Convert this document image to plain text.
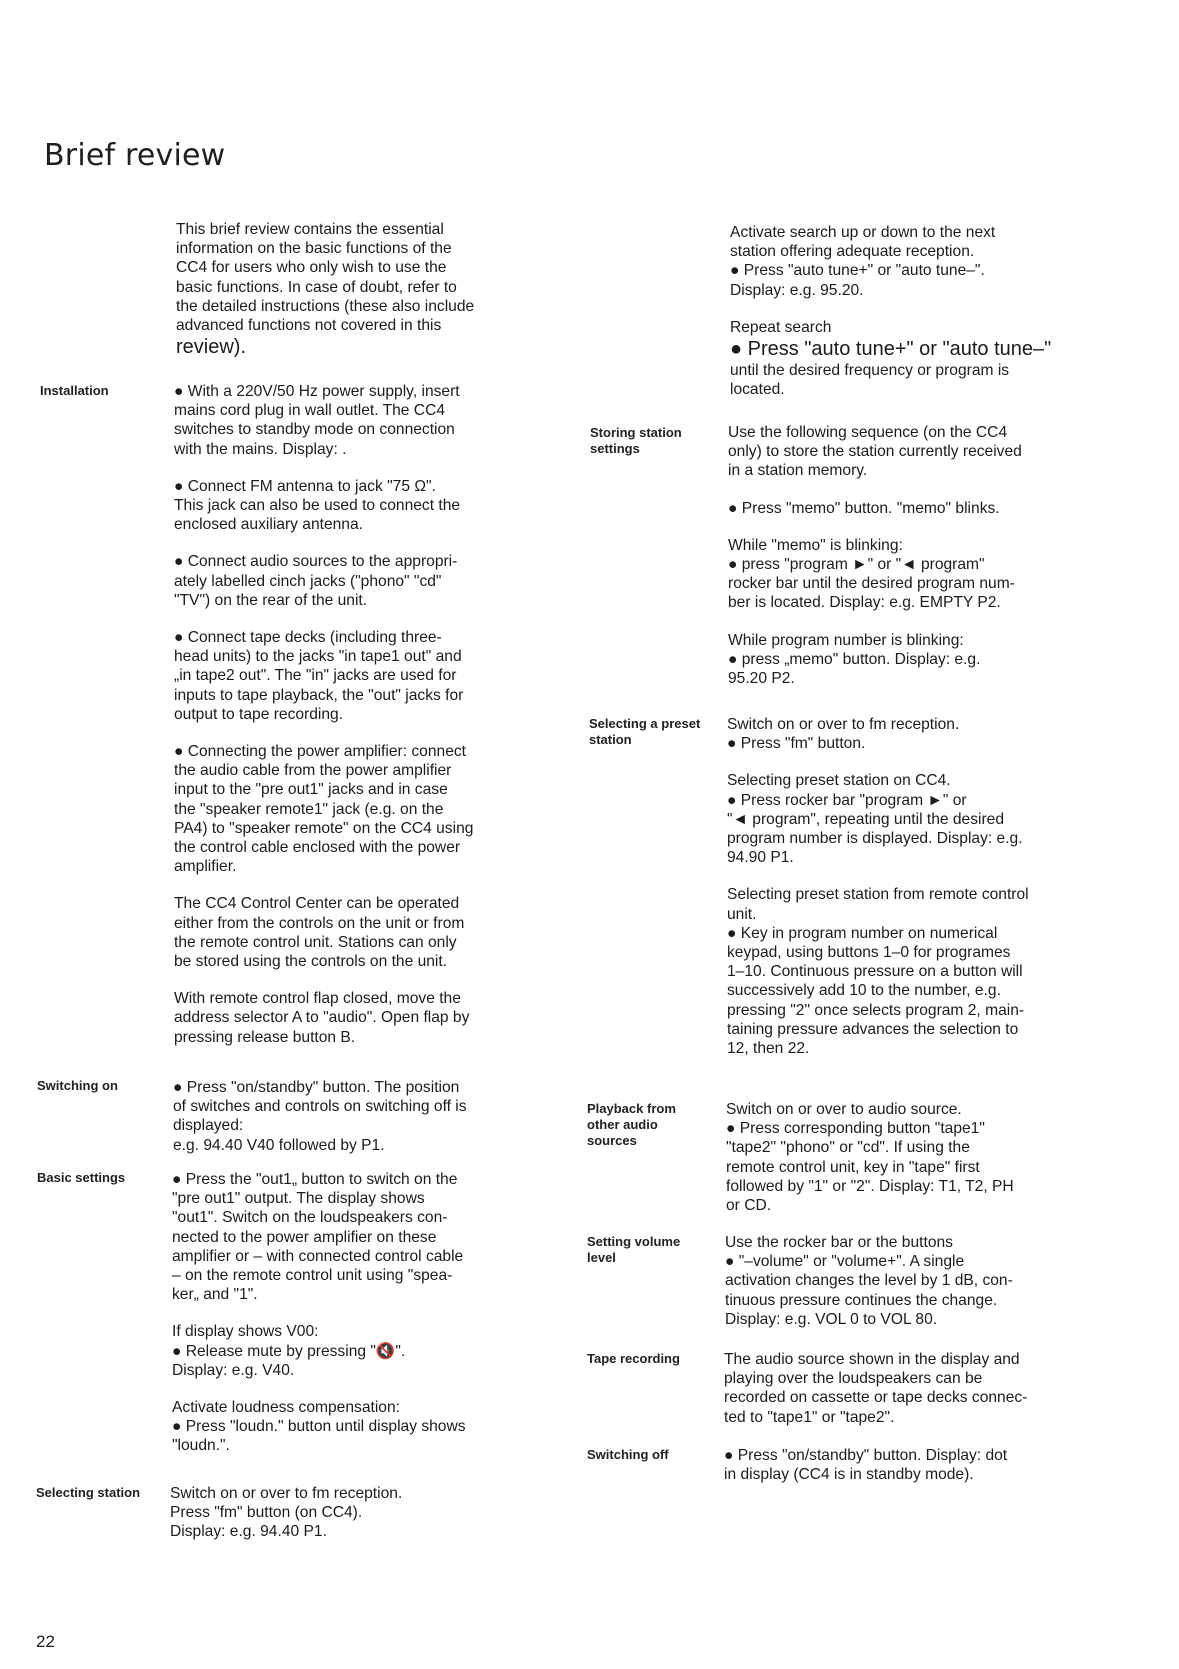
Brief review
Installation
Switching on
Basic settings
Selecting station
Storing station
settings
Selecting a preset
station
Playback from
other audio
sources
Setting volume
level
Tape recording
Switching off
This brief review contains the essential
information on the basic functions of the
CC4 for users who only wish to use the
basic functions. In case of doubt, refer to
the detailed instructions (these also include
advanced functions not covered in this
review).
● With a 220V/50 Hz power supply, insert
mains cord plug in wall outlet. The CC4
switches to standby mode on connection
with the mains. Display: .
● Connect FM antenna to jack "75 Ω".
This jack can also be used to connect the
enclosed auxiliary antenna.
● Connect audio sources to the appropri-
ately labelled cinch jacks ("phono" "cd"
"TV") on the rear of the unit.
● Connect tape decks (including three-
head units) to the jacks "in tape1 out" and
„in tape2 out". The "in" jacks are used for
inputs to tape playback, the "out" jacks for
output to tape recording.
● Connecting the power amplifier: connect
the audio cable from the power amplifier
input to the "pre out1" jacks and in case
the "speaker remote1" jack (e.g. on the
PA4) to "speaker remote" on the CC4 using
the control cable enclosed with the power
amplifier.
The CC4 Control Center can be operated
either from the controls on the unit or from
the remote control unit. Stations can only
be stored using the controls on the unit.
With remote control flap closed, move the
address selector A to "audio". Open flap by
pressing release button B.
● Press "on/standby" button. The position
of switches and controls on switching off is
displayed:
e.g. 94.40 V40 followed by P1.
● Press the "out1„ button to switch on the
"pre out1" output. The display shows
"out1". Switch on the loudspeakers con-
nected to the power amplifier on these
amplifier or – with connected control cable
– on the remote control unit using "spea-
ker„ and "1".
If display shows V00:
● Release mute by pressing "🔇".
Display: e.g. V40.
Activate loudness compensation:
● Press "loudn." button until display shows
"loudn.".
Switch on or over to fm reception.
Press "fm" button (on CC4).
Display: e.g. 94.40 P1.
Activate search up or down to the next
station offering adequate reception.
● Press "auto tune+" or "auto tune–".
Display: e.g. 95.20.
Repeat search
● Press "auto tune+" or "auto tune–"
until the desired frequency or program is
located.
Use the following sequence (on the CC4
only) to store the station currently received
in a station memory.
● Press "memo" button. "memo" blinks.
While "memo" is blinking:
● press "program ►" or "◄ program"
rocker bar until the desired program num-
ber is located. Display: e.g. EMPTY P2.
While program number is blinking:
● press „memo" button. Display: e.g.
95.20 P2.
Switch on or over to fm reception.
● Press "fm" button.
Selecting preset station on CC4.
● Press rocker bar "program ►" or
"◄ program", repeating until the desired
program number is displayed. Display: e.g.
94.90 P1.
Selecting preset station from remote control
unit.
● Key in program number on numerical
keypad, using buttons 1–0 for programes
1–10. Continuous pressure on a button will
successively add 10 to the number, e.g.
pressing "2" once selects program 2, main-
taining pressure advances the selection to
12, then 22.
Switch on or over to audio source.
● Press corresponding button "tape1"
"tape2" "phono" or "cd". If using the
remote control unit, key in "tape" first
followed by "1" or "2". Display: T1, T2, PH
or CD.
Use the rocker bar or the buttons
● "–volume" or "volume+". A single
activation changes the level by 1 dB, con-
tinuous pressure continues the change.
Display: e.g. VOL 0 to VOL 80.
The audio source shown in the display and
playing over the loudspeakers can be
recorded on cassette or tape decks connec-
ted to "tape1" or "tape2".
● Press "on/standby" button. Display: dot
in display (CC4 is in standby mode).
22
